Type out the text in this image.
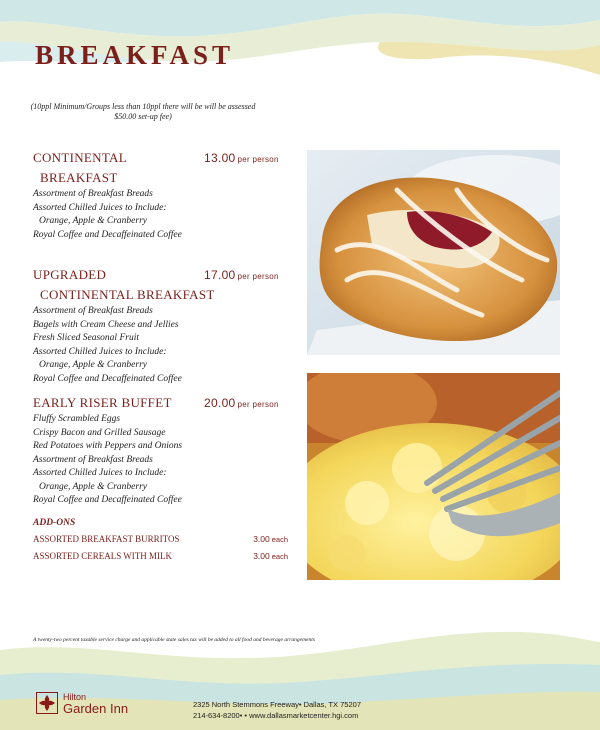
BREAKFAST
(10ppl Minimum/Groups less than 10ppl there will be will be assessed $50.00 set-up fee)
CONTINENTAL	13.00 per person
BREAKFAST
Assortment of Breakfast Breads
Assorted Chilled Juices to Include:
Orange, Apple & Cranberry
Royal Coffee and Decaffeinated Coffee
UPGRADED	17.00 per person
CONTINENTAL BREAKFAST
Assortment of Breakfast Breads
Bagels with Cream Cheese and Jellies
Fresh Sliced Seasonal Fruit
Assorted Chilled Juices to Include:
Orange, Apple & Cranberry
Royal Coffee and Decaffeinated Coffee
EARLY RISER BUFFET	20.00 per person
Fluffy Scrambled Eggs
Crispy Bacon and Grilled Sausage
Red Potatoes with Peppers and Onions
Assortment of Breakfast Breads
Assorted Chilled Juices to Include:
Orange, Apple & Cranberry
Royal Coffee and Decaffeinated Coffee
ADD-ONS
ASSORTED BREAKFAST BURRITOS	3.00 each
ASSORTED CEREALS WITH MILK	3.00 each
A twenty-two percent taxable service charge and applicable state sales tax will be added to all food and beverage arrangements
Hilton
Garden Inn	2325 North Stemmons Freeway• Dallas, TX 75207
214-634-8200• • www.dallasmarketcenter.hgi.com
